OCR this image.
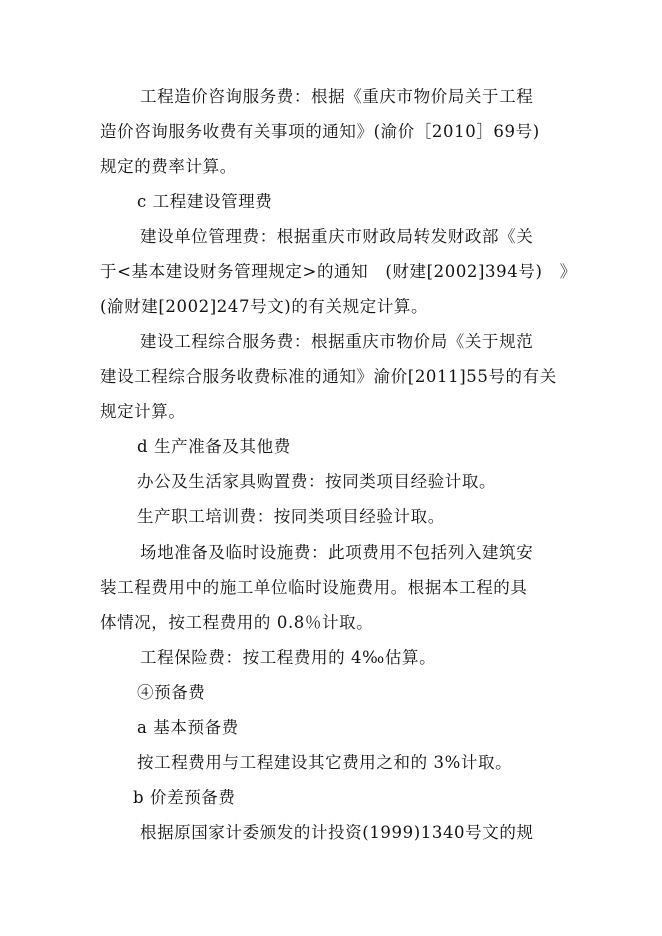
工程造价咨询服务费：根据《重庆市物价局关于工程
造价咨询服务收费有关事项的通知》(渝价［2010］69号)
规定的费率计算。
c 工程建设管理费
建设单位管理费：根据重庆市财政局转发财政部《关
于<基本建设财务管理规定>的通知　(财建[2002]394号)　》
(渝财建[2002]247号文)的有关规定计算。
建设工程综合服务费：根据重庆市物价局《关于规范
建设工程综合服务收费标准的通知》渝价[2011]55号的有关
规定计算。
d 生产准备及其他费
办公及生活家具购置费：按同类项目经验计取。
生产职工培训费：按同类项目经验计取。
场地准备及临时设施费：此项费用不包括列入建筑安
装工程费用中的施工单位临时设施费用。根据本工程的具
体情况，按工程费用的 0.8％计取。
工程保险费：按工程费用的 4‰估算。
④预备费
a 基本预备费
按工程费用与工程建设其它费用之和的 3%计取。
b 价差预备费
根据原国家计委颁发的计投资(1999)1340号文的规
